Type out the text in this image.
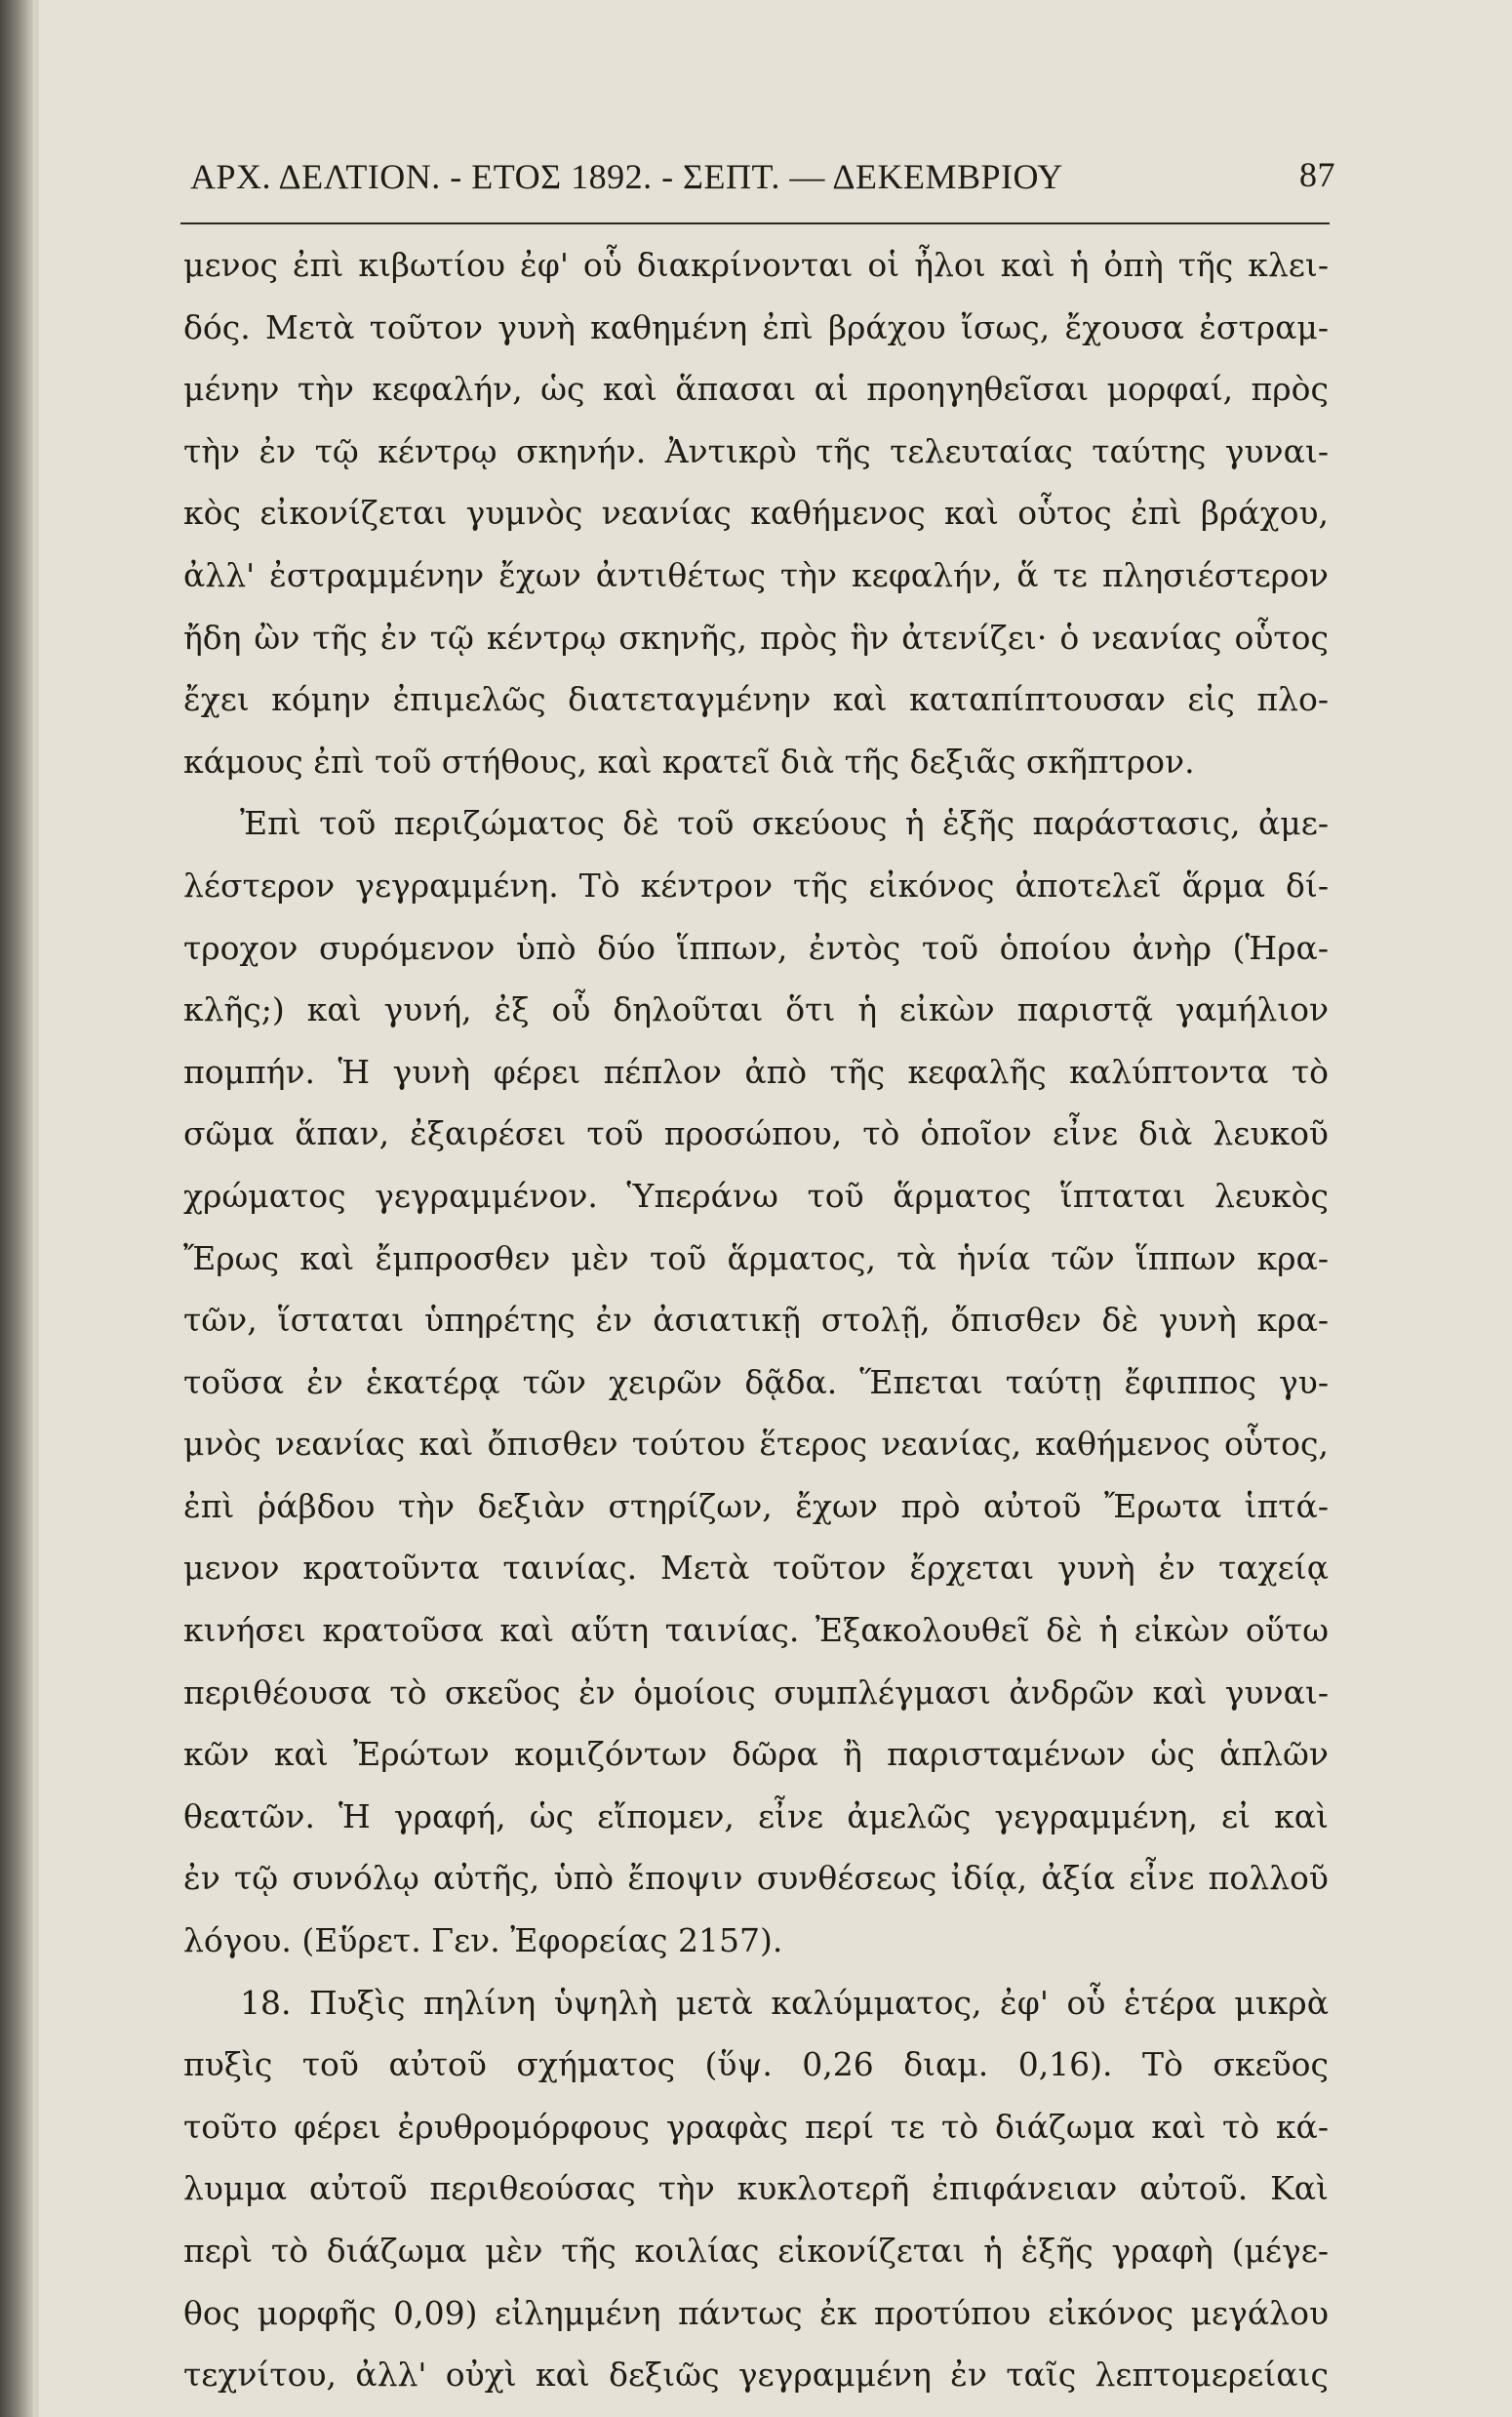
ΑΡΧ. ΔΕΛΤΙΟΝ. - ΕΤΟΣ 1892. - ΣΕΠΤ. — ΔΕΚΕΜΒΡΙΟΥ	87
μενος ἐπὶ κιβωτίου ἐφ' οὗ διακρίνονται οἱ ἦλοι καὶ ἡ ὀπὴ τῆς κλει-
δός. Μετὰ τοῦτον γυνὴ καθημένη ἐπὶ βράχου ἴσως, ἔχουσα ἐστραμ-
μένην τὴν κεφαλήν, ὡς καὶ ἅπασαι αἱ προηγηθεῖσαι μορφαί, πρὸς
τὴν ἐν τῷ κέντρῳ σκηνήν. Ἀντικρὺ τῆς τελευταίας ταύτης γυναι-
κὸς εἰκονίζεται γυμνὸς νεανίας καθήμενος καὶ οὗτος ἐπὶ βράχου,
ἀλλ' ἐστραμμένην ἔχων ἀντιθέτως τὴν κεφαλήν, ἅ τε πλησιέστερον
ἤδη ὢν τῆς ἐν τῷ κέντρῳ σκηνῆς, πρὸς ἣν ἀτενίζει· ὁ νεανίας οὗτος
ἔχει κόμην ἐπιμελῶς διατεταγμένην καὶ καταπίπτουσαν εἰς πλο-
κάμους ἐπὶ τοῦ στήθους, καὶ κρατεῖ διὰ τῆς δεξιᾶς σκῆπτρον.
Ἐπὶ τοῦ περιζώματος δὲ τοῦ σκεύους ἡ ἑξῆς παράστασις, ἀμε-
λέστερον γεγραμμένη. Τὸ κέντρον τῆς εἰκόνος ἀποτελεῖ ἅρμα δί-
τροχον συρόμενον ὑπὸ δύο ἵππων, ἐντὸς τοῦ ὁποίου ἀνὴρ (Ἡρα-
κλῆς;) καὶ γυνή, ἐξ οὗ δηλοῦται ὅτι ἡ εἰκὼν παριστᾷ γαμήλιον
πομπήν. Ἡ γυνὴ φέρει πέπλον ἀπὸ τῆς κεφαλῆς καλύπτοντα τὸ
σῶμα ἅπαν, ἐξαιρέσει τοῦ προσώπου, τὸ ὁποῖον εἶνε διὰ λευκοῦ
χρώματος γεγραμμένον. Ὑπεράνω τοῦ ἅρματος ἵπταται λευκὸς
Ἔρως καὶ ἔμπροσθεν μὲν τοῦ ἅρματος, τὰ ἡνία τῶν ἵππων κρα-
τῶν, ἵσταται ὑπηρέτης ἐν ἀσιατικῇ στολῇ, ὄπισθεν δὲ γυνὴ κρα-
τοῦσα ἐν ἑκατέρᾳ τῶν χειρῶν δᾷδα. Ἕπεται ταύτῃ ἔφιππος γυ-
μνὸς νεανίας καὶ ὄπισθεν τούτου ἕτερος νεανίας, καθήμενος οὗτος,
ἐπὶ ῥάβδου τὴν δεξιὰν στηρίζων, ἔχων πρὸ αὐτοῦ Ἔρωτα ἱπτά-
μενον κρατοῦντα ταινίας. Μετὰ τοῦτον ἔρχεται γυνὴ ἐν ταχείᾳ
κινήσει κρατοῦσα καὶ αὕτη ταινίας. Ἐξακολουθεῖ δὲ ἡ εἰκὼν οὕτω
περιθέουσα τὸ σκεῦος ἐν ὁμοίοις συμπλέγμασι ἀνδρῶν καὶ γυναι-
κῶν καὶ Ἐρώτων κομιζόντων δῶρα ἢ παρισταμένων ὡς ἁπλῶν
θεατῶν. Ἡ γραφή, ὡς εἴπομεν, εἶνε ἀμελῶς γεγραμμένη, εἰ καὶ
ἐν τῷ συνόλῳ αὐτῆς, ὑπὸ ἔποψιν συνθέσεως ἰδίᾳ, ἀξία εἶνε πολλοῦ
λόγου. (Εὕρετ. Γεν. Ἐφορείας 2157).
18. Πυξὶς πηλίνη ὑψηλὴ μετὰ καλύμματος, ἐφ' οὗ ἑτέρα μικρὰ
πυξὶς τοῦ αὐτοῦ σχήματος (ὕψ. 0,26 διαμ. 0,16). Τὸ σκεῦος
τοῦτο φέρει ἐρυθρομόρφους γραφὰς περί τε τὸ διάζωμα καὶ τὸ κά-
λυμμα αὐτοῦ περιθεούσας τὴν κυκλοτερῆ ἐπιφάνειαν αὐτοῦ. Καὶ
περὶ τὸ διάζωμα μὲν τῆς κοιλίας εἰκονίζεται ἡ ἑξῆς γραφὴ (μέγε-
θος μορφῆς 0,09) εἰλημμένη πάντως ἐκ προτύπου εἰκόνος μεγάλου
τεχνίτου, ἀλλ' οὐχὶ καὶ δεξιῶς γεγραμμένη ἐν ταῖς λεπτομερείαις
